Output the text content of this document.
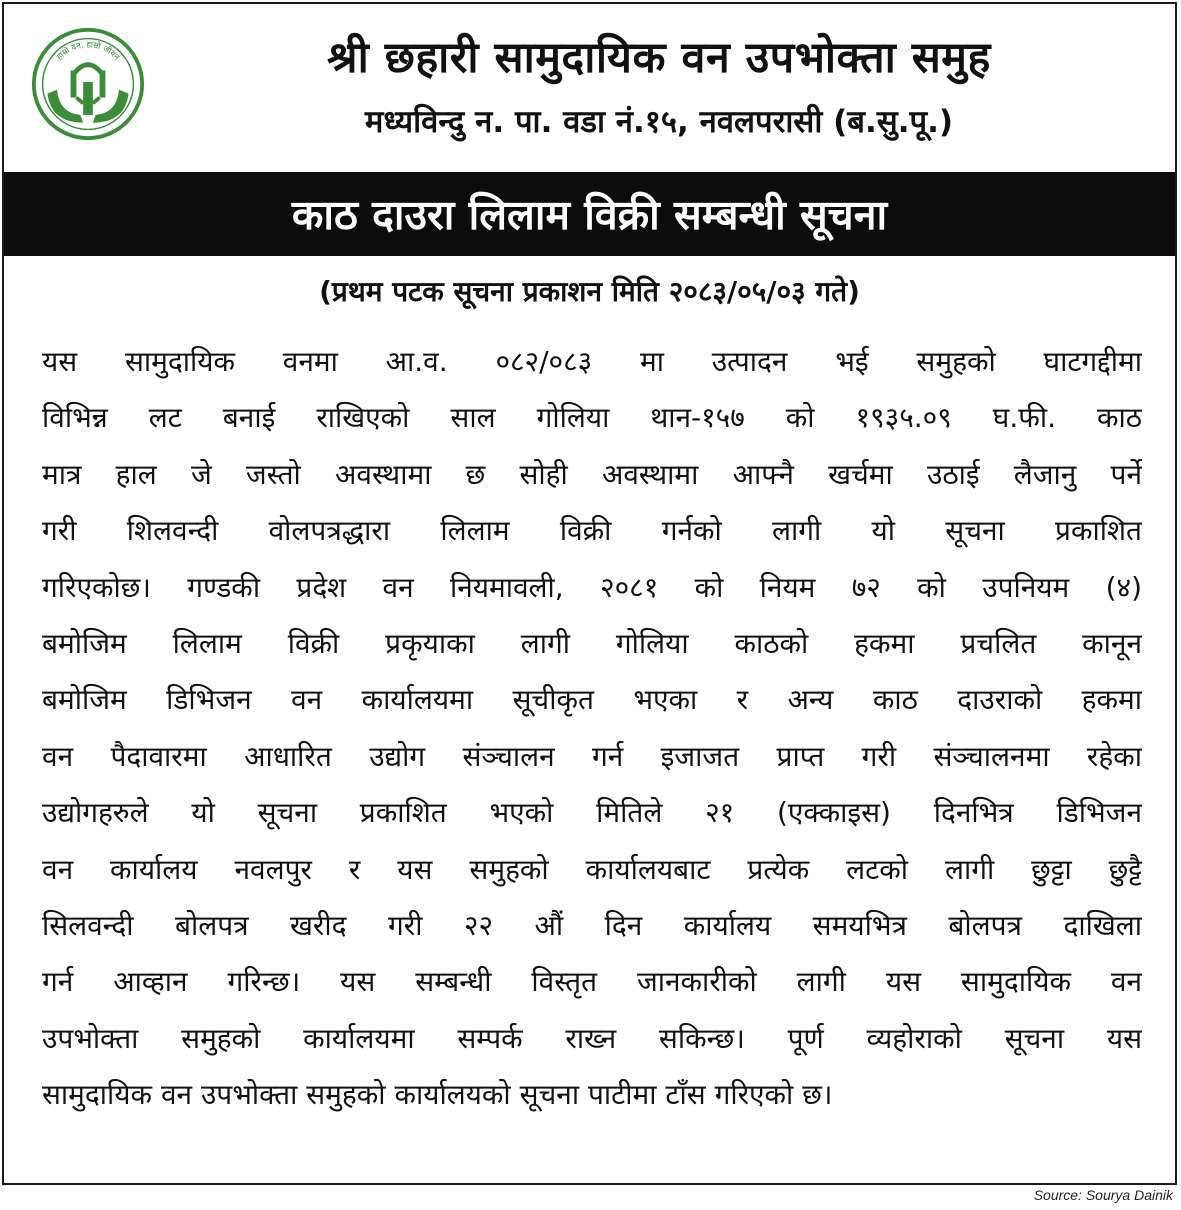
हाम्रो वन, हाम्रो जीवन	श्री छहारी सामुदायिक वन उपभोक्ता समुह
मध्यविन्दु न. पा. वडा नं.१५, नवलपरासी (ब.सु.पू.)
काठ दाउरा लिलाम विक्री सम्बन्धी सूचना
(प्रथम पटक सूचना प्रकाशन मिति २०८३/०५/०३ गते)
यस सामुदायिक वनमा आ.व. ०८२/०८३ मा उत्पादन भई समुहको घाटगद्दीमा
विभिन्न लट बनाई राखिएको साल गोलिया थान-१५७ को १९३५.०९ घ.फी. काठ
मात्र हाल जे जस्तो अवस्थामा छ सोही अवस्थामा आफ्नै खर्चमा उठाई लैजानु पर्ने
गरी शिलवन्दी वोलपत्रद्धारा लिलाम विक्री गर्नको लागी यो सूचना प्रकाशित
गरिएकोछ। गण्डकी प्रदेश वन नियमावली, २०८१ को नियम ७२ को उपनियम (४)
बमोजिम लिलाम विक्री प्रकृयाका लागी गोलिया काठको हकमा प्रचलित कानून
बमोजिम डिभिजन वन कार्यालयमा सूचीकृत भएका र अन्य काठ दाउराको हकमा
वन पैदावारमा आधारित उद्योग संञ्चालन गर्न इजाजत प्राप्त गरी संञ्चालनमा रहेका
उद्योगहरुले यो सूचना प्रकाशित भएको मितिले २१ (एक्काइस) दिनभित्र डिभिजन
वन कार्यालय नवलपुर र यस समुहको कार्यालयबाट प्रत्येक लटको लागी छुट्टा छुट्टै
सिलवन्दी बोलपत्र खरीद गरी २२ औं दिन कार्यालय समयभित्र बोलपत्र दाखिला
गर्न आव्हान गरिन्छ। यस सम्बन्धी विस्तृत जानकारीको लागी यस सामुदायिक वन
उपभोक्ता समुहको कार्यालयमा सम्पर्क राख्न सकिन्छ। पूर्ण व्यहोराको सूचना यस
सामुदायिक वन उपभोक्ता समुहको कार्यालयको सूचना पाटीमा टाँस गरिएको छ।
Source: Sourya Dainik
